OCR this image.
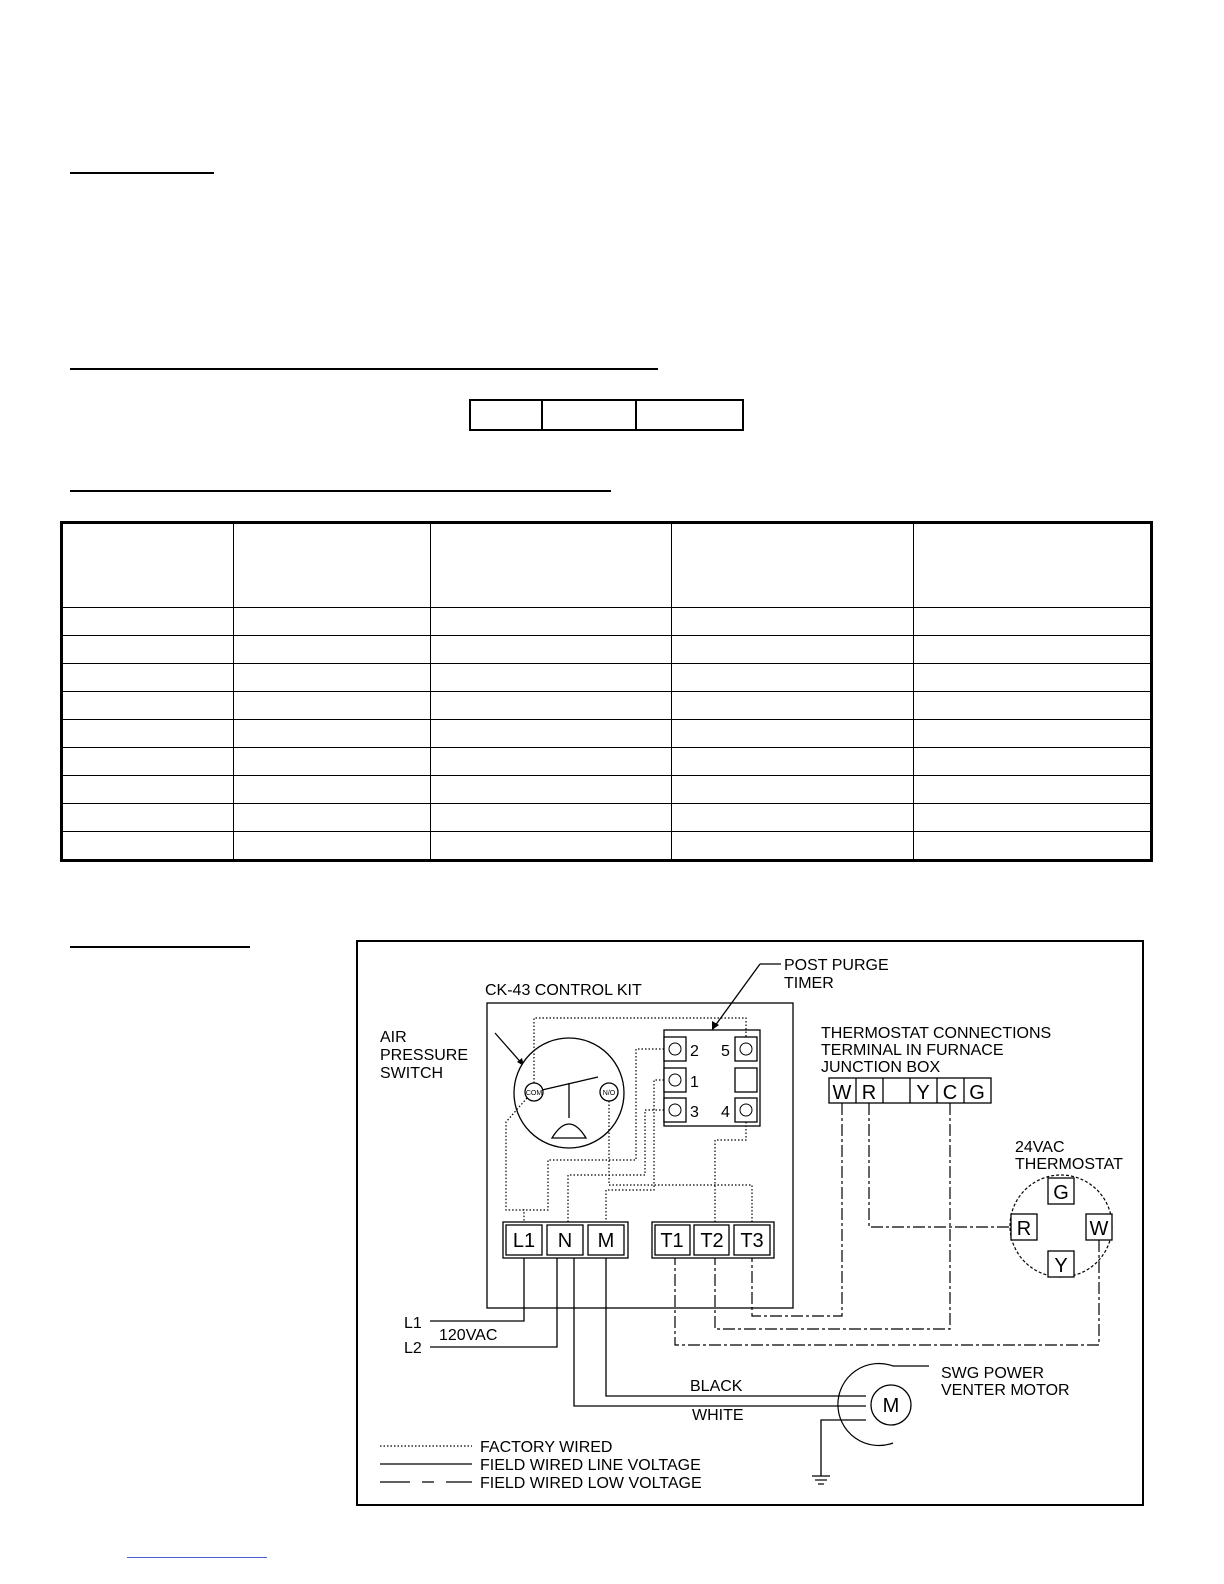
CK-43 CONTROL KIT
POST PURGE
TIMER
AIR
PRESSURE
SWITCH
COM	N/O
2 5
1
3 4
THERMOSTAT CONNECTIONS
TERMINAL IN FURNACE
JUNCTION BOX
W R Y C G
24VAC
THERMOSTAT
G
R	W
Y
L1 N M T1 T2 T3
L1
L2
120VAC
BLACK
WHITE	M
SWG POWER
VENTER MOTOR
FACTORY WIRED
FIELD WIRED LINE VOLTAGE
FIELD WIRED LOW VOLTAGE
